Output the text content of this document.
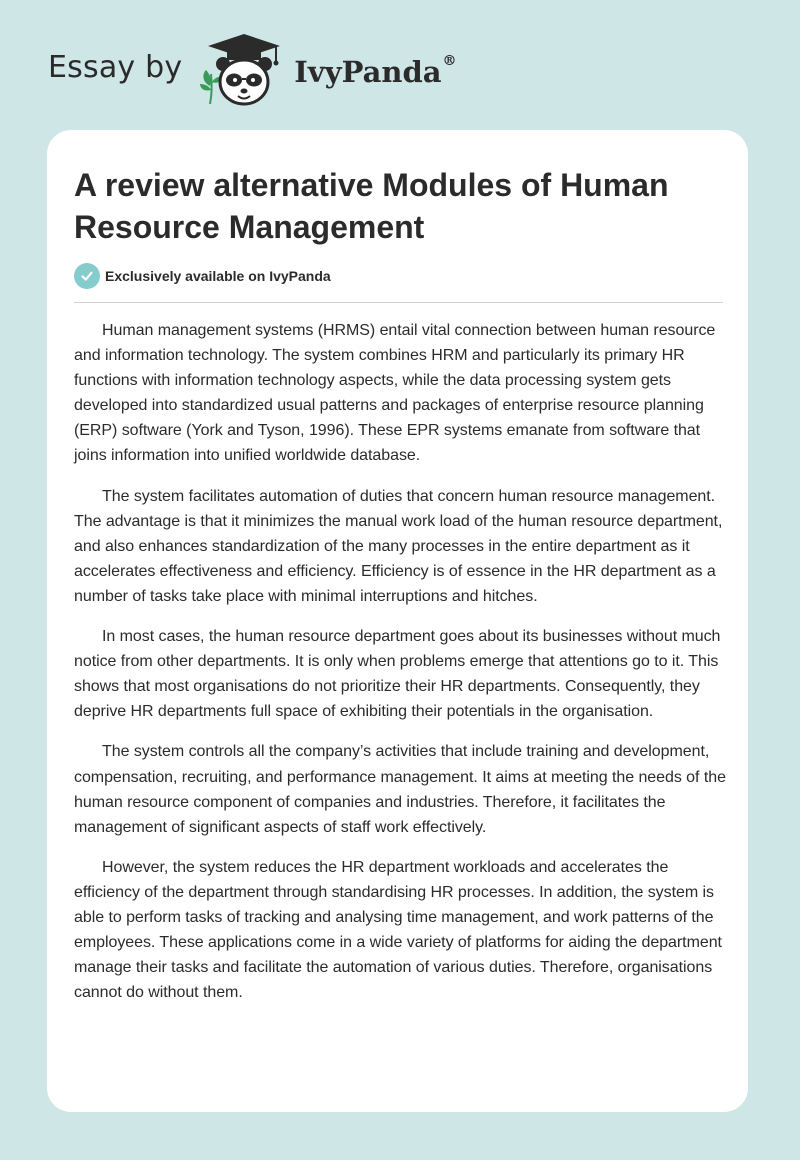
Essay by	IvyPanda®
A review alternative Modules of Human Resource Management
Exclusively available on IvyPanda

Human management systems (HRMS) entail vital connection between human resource and information technology. The system combines HRM and particularly its primary HR functions with information technology aspects, while the data processing system gets developed into standardized usual patterns and packages of enterprise resource planning (ERP) software (York and Tyson, 1996). These EPR systems emanate from software that joins information into unified worldwide database.

The system facilitates automation of duties that concern human resource management. The advantage is that it minimizes the manual work load of the human resource department, and also enhances standardization of the many processes in the entire department as it accelerates effectiveness and efficiency. Efficiency is of essence in the HR department as a number of tasks take place with minimal interruptions and hitches.

In most cases, the human resource department goes about its businesses without much notice from other departments. It is only when problems emerge that attentions go to it. This shows that most organisations do not prioritize their HR departments. Consequently, they deprive HR departments full space of exhibiting their potentials in the organisation.

The system controls all the company’s activities that include training and development, compensation, recruiting, and performance management. It aims at meeting the needs of the human resource component of companies and industries. Therefore, it facilitates the management of significant aspects of staff work effectively.

However, the system reduces the HR department workloads and accelerates the efficiency of the department through standardising HR processes. In addition, the system is able to perform tasks of tracking and analysing time management, and work patterns of the employees. These applications come in a wide variety of platforms for aiding the department manage their tasks and facilitate the automation of various duties. Therefore, organisations cannot do without them.
